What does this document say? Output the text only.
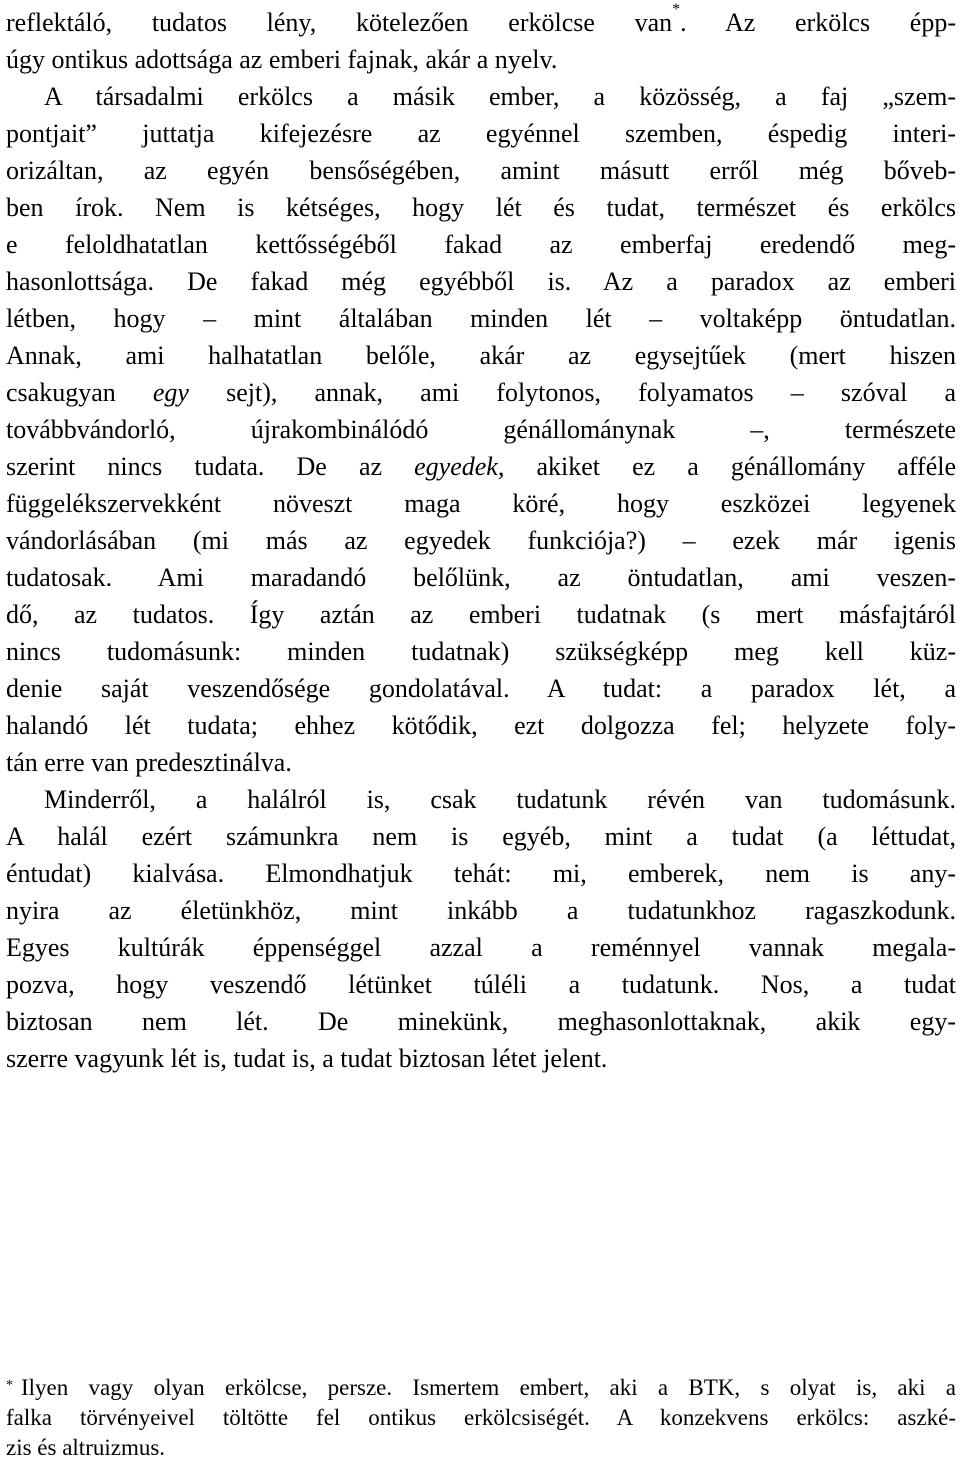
reflektáló, tudatos lény, kötelezően erkölcse van*. Az erkölcs épp-
úgy ontikus adottsága az emberi fajnak, akár a nyelv.
A társadalmi erkölcs a másik ember, a közösség, a faj „szem-
pontjait” juttatja kifejezésre az egyénnel szemben, éspedig interi-
orizáltan, az egyén bensőségében, amint másutt erről még bőveb-
ben írok. Nem is kétséges, hogy lét és tudat, természet és erkölcs
e feloldhatatlan kettősségéből fakad az emberfaj eredendő meg-
hasonlottsága. De fakad még egyébből is. Az a paradox az emberi
létben, hogy – mint általában minden lét – voltaképp öntudatlan.
Annak, ami halhatatlan belőle, akár az egysejtűek (mert hiszen
csakugyan egy sejt), annak, ami folytonos, folyamatos – szóval a
továbbvándorló, újrakombinálódó génállománynak –, természete
szerint nincs tudata. De az egyedek, akiket ez a génállomány afféle
függelékszervekként növeszt maga köré, hogy eszközei legyenek
vándorlásában (mi más az egyedek funkciója?) – ezek már igenis
tudatosak. Ami maradandó belőlünk, az öntudatlan, ami veszen-
dő, az tudatos. Így aztán az emberi tudatnak (s mert másfajtáról
nincs tudomásunk: minden tudatnak) szükségképp meg kell küz-
denie saját veszendősége gondolatával. A tudat: a paradox lét, a
halandó lét tudata; ehhez kötődik, ezt dolgozza fel; helyzete foly-
tán erre van predesztinálva.
Minderről, a halálról is, csak tudatunk révén van tudomásunk.
A halál ezért számunkra nem is egyéb, mint a tudat (a léttudat,
éntudat) kialvása. Elmondhatjuk tehát: mi, emberek, nem is any-
nyira az életünkhöz, mint inkább a tudatunkhoz ragaszkodunk.
Egyes kultúrák éppenséggel azzal a reménnyel vannak megala-
pozva, hogy veszendő létünket túléli a tudatunk. Nos, a tudat
biztosan nem lét. De minekünk, meghasonlottaknak, akik egy-
szerre vagyunk lét is, tudat is, a tudat biztosan létet jelent.
* Ilyen vagy olyan erkölcse, persze. Ismertem embert, aki a BTK, s olyat is, aki a
falka törvényeivel töltötte fel ontikus erkölcsiségét. A konzekvens erkölcs: aszké-
zis és altruizmus.
